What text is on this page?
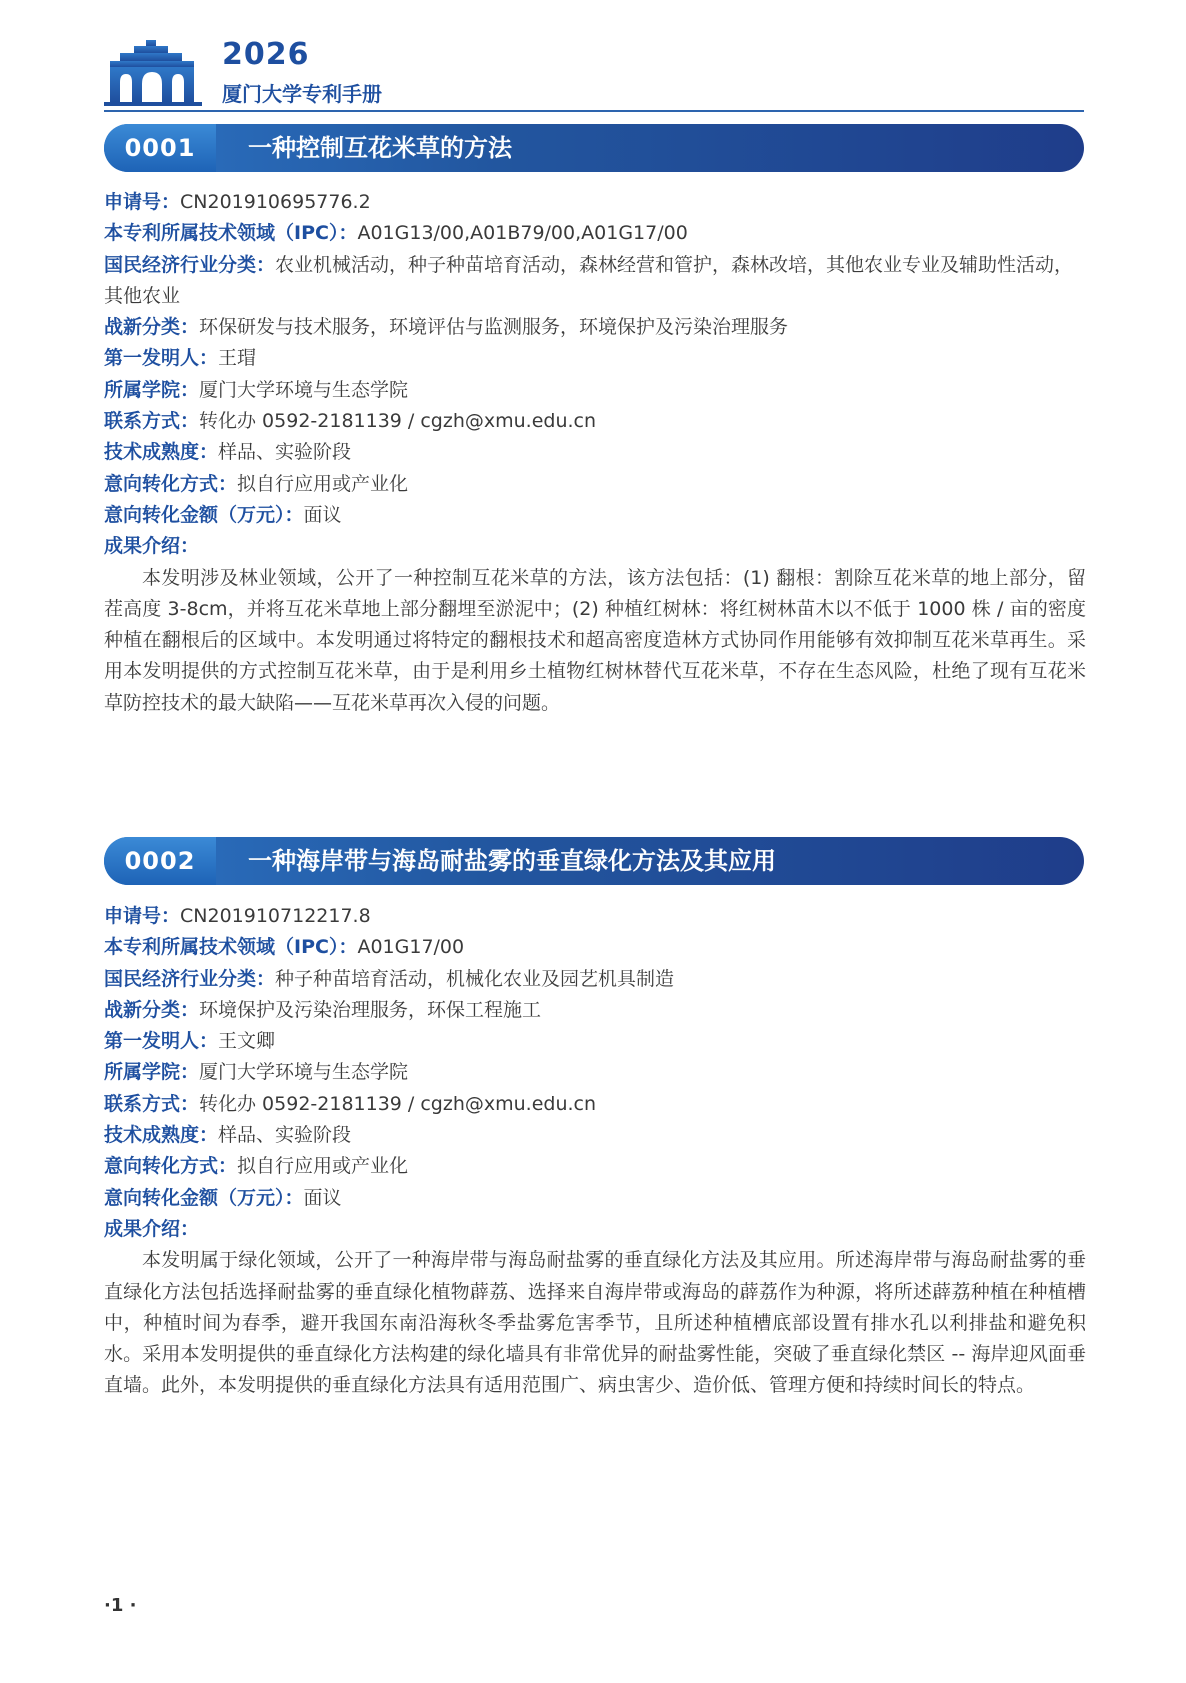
2026
厦门大学专利手册
0001	一种控制互花米草的方法

申请号：CN201910695776.2

本专利所属技术领域（IPC）：A01G13/00,A01B79/00,A01G17/00

国民经济行业分类：农业机械活动，种子种苗培育活动，森林经营和管护，森林改培，其他农业专业及辅助性活动，其他农业

战新分类：环保研发与技术服务，环境评估与监测服务，环境保护及污染治理服务

第一发明人：王瑁

所属学院：厦门大学环境与生态学院

联系方式：转化办 0592-2181139 / cgzh@xmu.edu.cn

技术成熟度：样品、实验阶段

意向转化方式：拟自行应用或产业化

意向转化金额（万元）：面议

成果介绍：

本发明涉及林业领域，公开了一种控制互花米草的方法，该方法包括：(1) 翻根：割除互花米草的地上部分，留茬高度 3-8cm，并将互花米草地上部分翻埋至淤泥中；(2) 种植红树林：将红树林苗木以不低于 1000 株 / 亩的密度种植在翻根后的区域中。本发明通过将特定的翻根技术和超高密度造林方式协同作用能够有效抑制互花米草再生。采用本发明提供的方式控制互花米草，由于是利用乡土植物红树林替代互花米草，不存在生态风险，杜绝了现有互花米草防控技术的最大缺陷——互花米草再次入侵的问题。

0002	一种海岸带与海岛耐盐雾的垂直绿化方法及其应用

申请号：CN201910712217.8

本专利所属技术领域（IPC）：A01G17/00

国民经济行业分类：种子种苗培育活动，机械化农业及园艺机具制造

战新分类：环境保护及污染治理服务，环保工程施工

第一发明人：王文卿

所属学院：厦门大学环境与生态学院

联系方式：转化办 0592-2181139 / cgzh@xmu.edu.cn

技术成熟度：样品、实验阶段

意向转化方式：拟自行应用或产业化

意向转化金额（万元）：面议

成果介绍：

本发明属于绿化领域，公开了一种海岸带与海岛耐盐雾的垂直绿化方法及其应用。所述海岸带与海岛耐盐雾的垂直绿化方法包括选择耐盐雾的垂直绿化植物薜荔、选择来自海岸带或海岛的薜荔作为种源，将所述薜荔种植在种植槽中，种植时间为春季，避开我国东南沿海秋冬季盐雾危害季节，且所述种植槽底部设置有排水孔以利排盐和避免积水。采用本发明提供的垂直绿化方法构建的绿化墙具有非常优异的耐盐雾性能，突破了垂直绿化禁区 -- 海岸迎风面垂直墙。此外，本发明提供的垂直绿化方法具有适用范围广、病虫害少、造价低、管理方便和持续时间长的特点。

·1 ·
